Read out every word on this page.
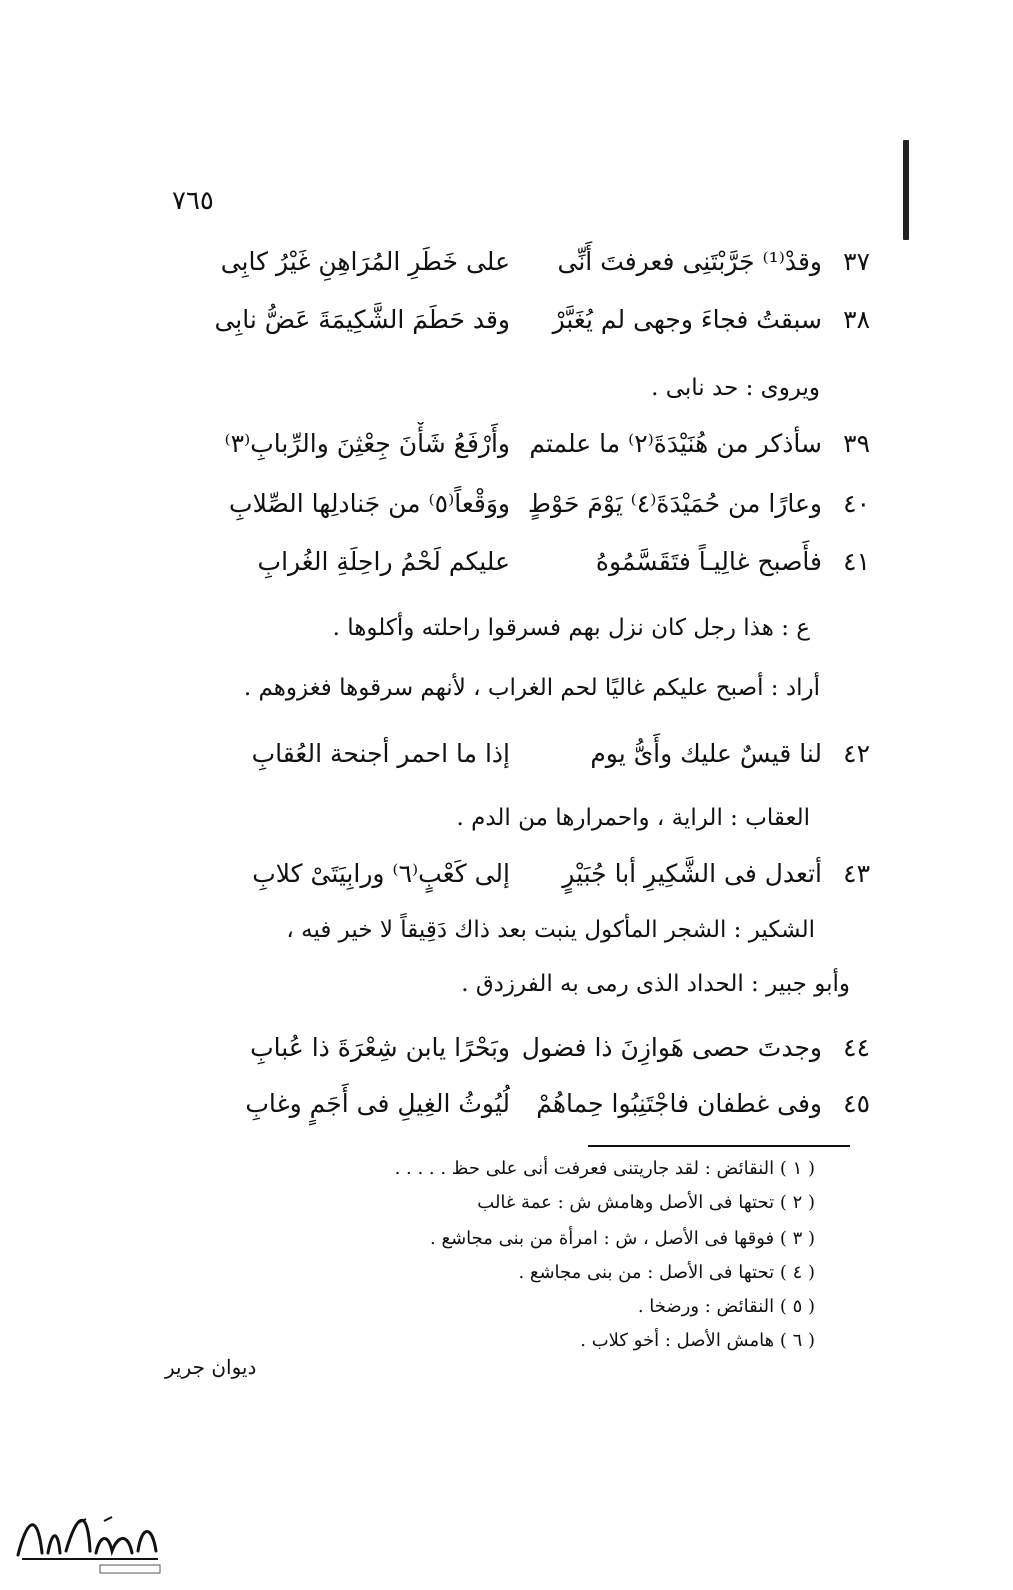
٧٦٥
٣٧
وقدْ⁽¹⁾ جَرَّبْتَنِى فعرفتَ أَنِّى
على خَطَرِ المُرَاهِنِ غَيْرُ كابِى
٣٨
سبقتُ فجاءَ وجهى لم يُغَبَّرْ
وقد حَطَمَ الشَّكِيمَةَ عَضُّ نابِى
ويروى : حد نابى .
٣٩
سأذكر من هُنَيْدَةَ⁽٢⁾ ما علمتم
وأَرْفَعُ شَأْنَ جِعْثِنَ والرِّبابِ⁽٣⁾
٤٠
وعارًا من حُمَيْدَةَ⁽٤⁾ يَوْمَ حَوْطٍ
ووَقْعاً⁽٥⁾ من جَنادلِها الصِّلابِ
٤١
فأَصبح غالِيـاً فتَقَسَّمُوهُ
عليكم لَحْمُ راحِلَةِ الغُرابِ
ع : هذا رجل كان نزل بهم فسرقوا راحلته وأكلوها .
أراد : أصبح عليكم غاليًا لحم الغراب ، لأنهم سرقوها فغزوهم .
٤٢
لنا قيسٌ عليك وأَىُّ يوم
إذا ما احمر أجنحة العُقابِ
العقاب : الراية ، واحمرارها من الدم .
٤٣
أتعدل فى الشَّكِيرِ أبا جُبَيْرٍ
إلى كَعْبٍ⁽٦⁾ ورابِيَتَىْ كلابِ
الشكير : الشجر المأكول ينبت بعد ذاك دَقِيقاً لا خير فيه ،
وأبو جبير : الحداد الذى رمى به الفرزدق .
٤٤
وجدتَ حصى هَوازِنَ ذا فضول
وبَحْرًا يابن شِعْرَةَ ذا عُبابِ
٤٥
وفى غطفان فاجْتَنِبُوا حِماهُمْ
لُيُوثُ الغِيلِ فى أَجَمٍ وغابِ
( ١ ) النقائض : لقد جاريتنى فعرفت أنى على حظ . . . . .
( ٢ ) تحتها فى الأصل وهامش ش : عمة غالب
( ٣ ) فوقها فى الأصل ، ش : امرأة من بنى مجاشع .
( ٤ ) تحتها فى الأصل : من بنى مجاشع .
( ٥ ) النقائض : ورضخا .
( ٦ ) هامش الأصل : أخو كلاب .
ديوان جرير
